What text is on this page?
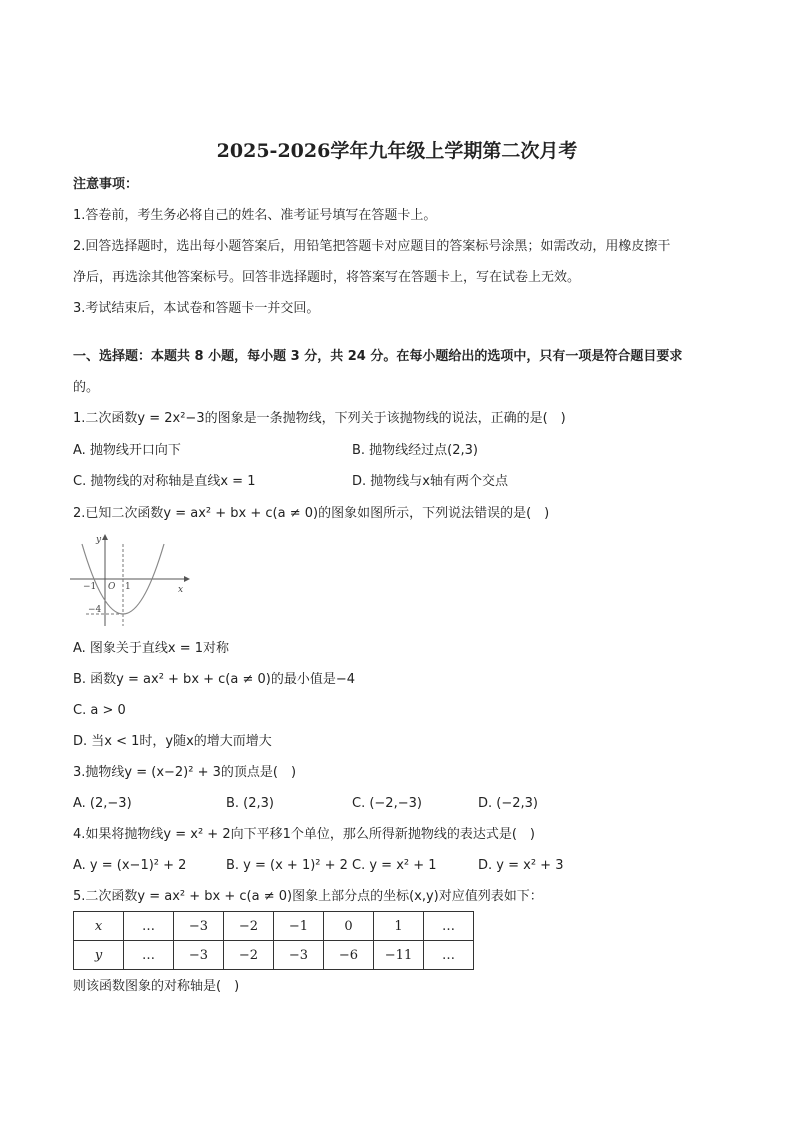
2025-2026学年九年级上学期第二次月考
注意事项：
1.答卷前，考生务必将自己的姓名、准考证号填写在答题卡上。
2.回答选择题时，选出每小题答案后，用铅笔把答题卡对应题目的答案标号涂黑；如需改动，用橡皮擦干
净后，再选涂其他答案标号。回答非选择题时，将答案写在答题卡上，写在试卷上无效。
3.考试结束后，本试卷和答题卡一并交回。
一、选择题：本题共 8 小题，每小题 3 分，共 24 分。在每小题给出的选项中，只有一项是符合题目要求
的。
1.二次函数y = 2x²−3的图象是一条抛物线，下列关于该抛物线的说法，正确的是(　)
A. 抛物线开口向下	B. 抛物线经过点(2,3)
C. 抛物线的对称轴是直线x = 1	D. 抛物线与x轴有两个交点
2.已知二次函数y = ax² + bx + c(a ≠ 0)的图象如图所示，下列说法错误的是(　)
y
x
O
−1	1
−4
A. 图象关于直线x = 1对称
B. 函数y = ax² + bx + c(a ≠ 0)的最小值是−4
C. a > 0
D. 当x < 1时，y随x的增大而增大
3.抛物线y = (x−2)² + 3的顶点是(　)
A. (2,−3)	B. (2,3)	C. (−2,−3)	D. (−2,3)
4.如果将抛物线y = x² + 2向下平移1个单位，那么所得新抛物线的表达式是(　)
A. y = (x−1)² + 2	B. y = (x + 1)² + 2 C. y = x² + 1	D. y = x² + 3
5.二次函数y = ax² + bx + c(a ≠ 0)图象上部分点的坐标(x,y)对应值列表如下：
x	…	−3	−2	−1	0	1	…
y	…	−3	−2	−3	−6	−11	…
则该函数图象的对称轴是(　)
